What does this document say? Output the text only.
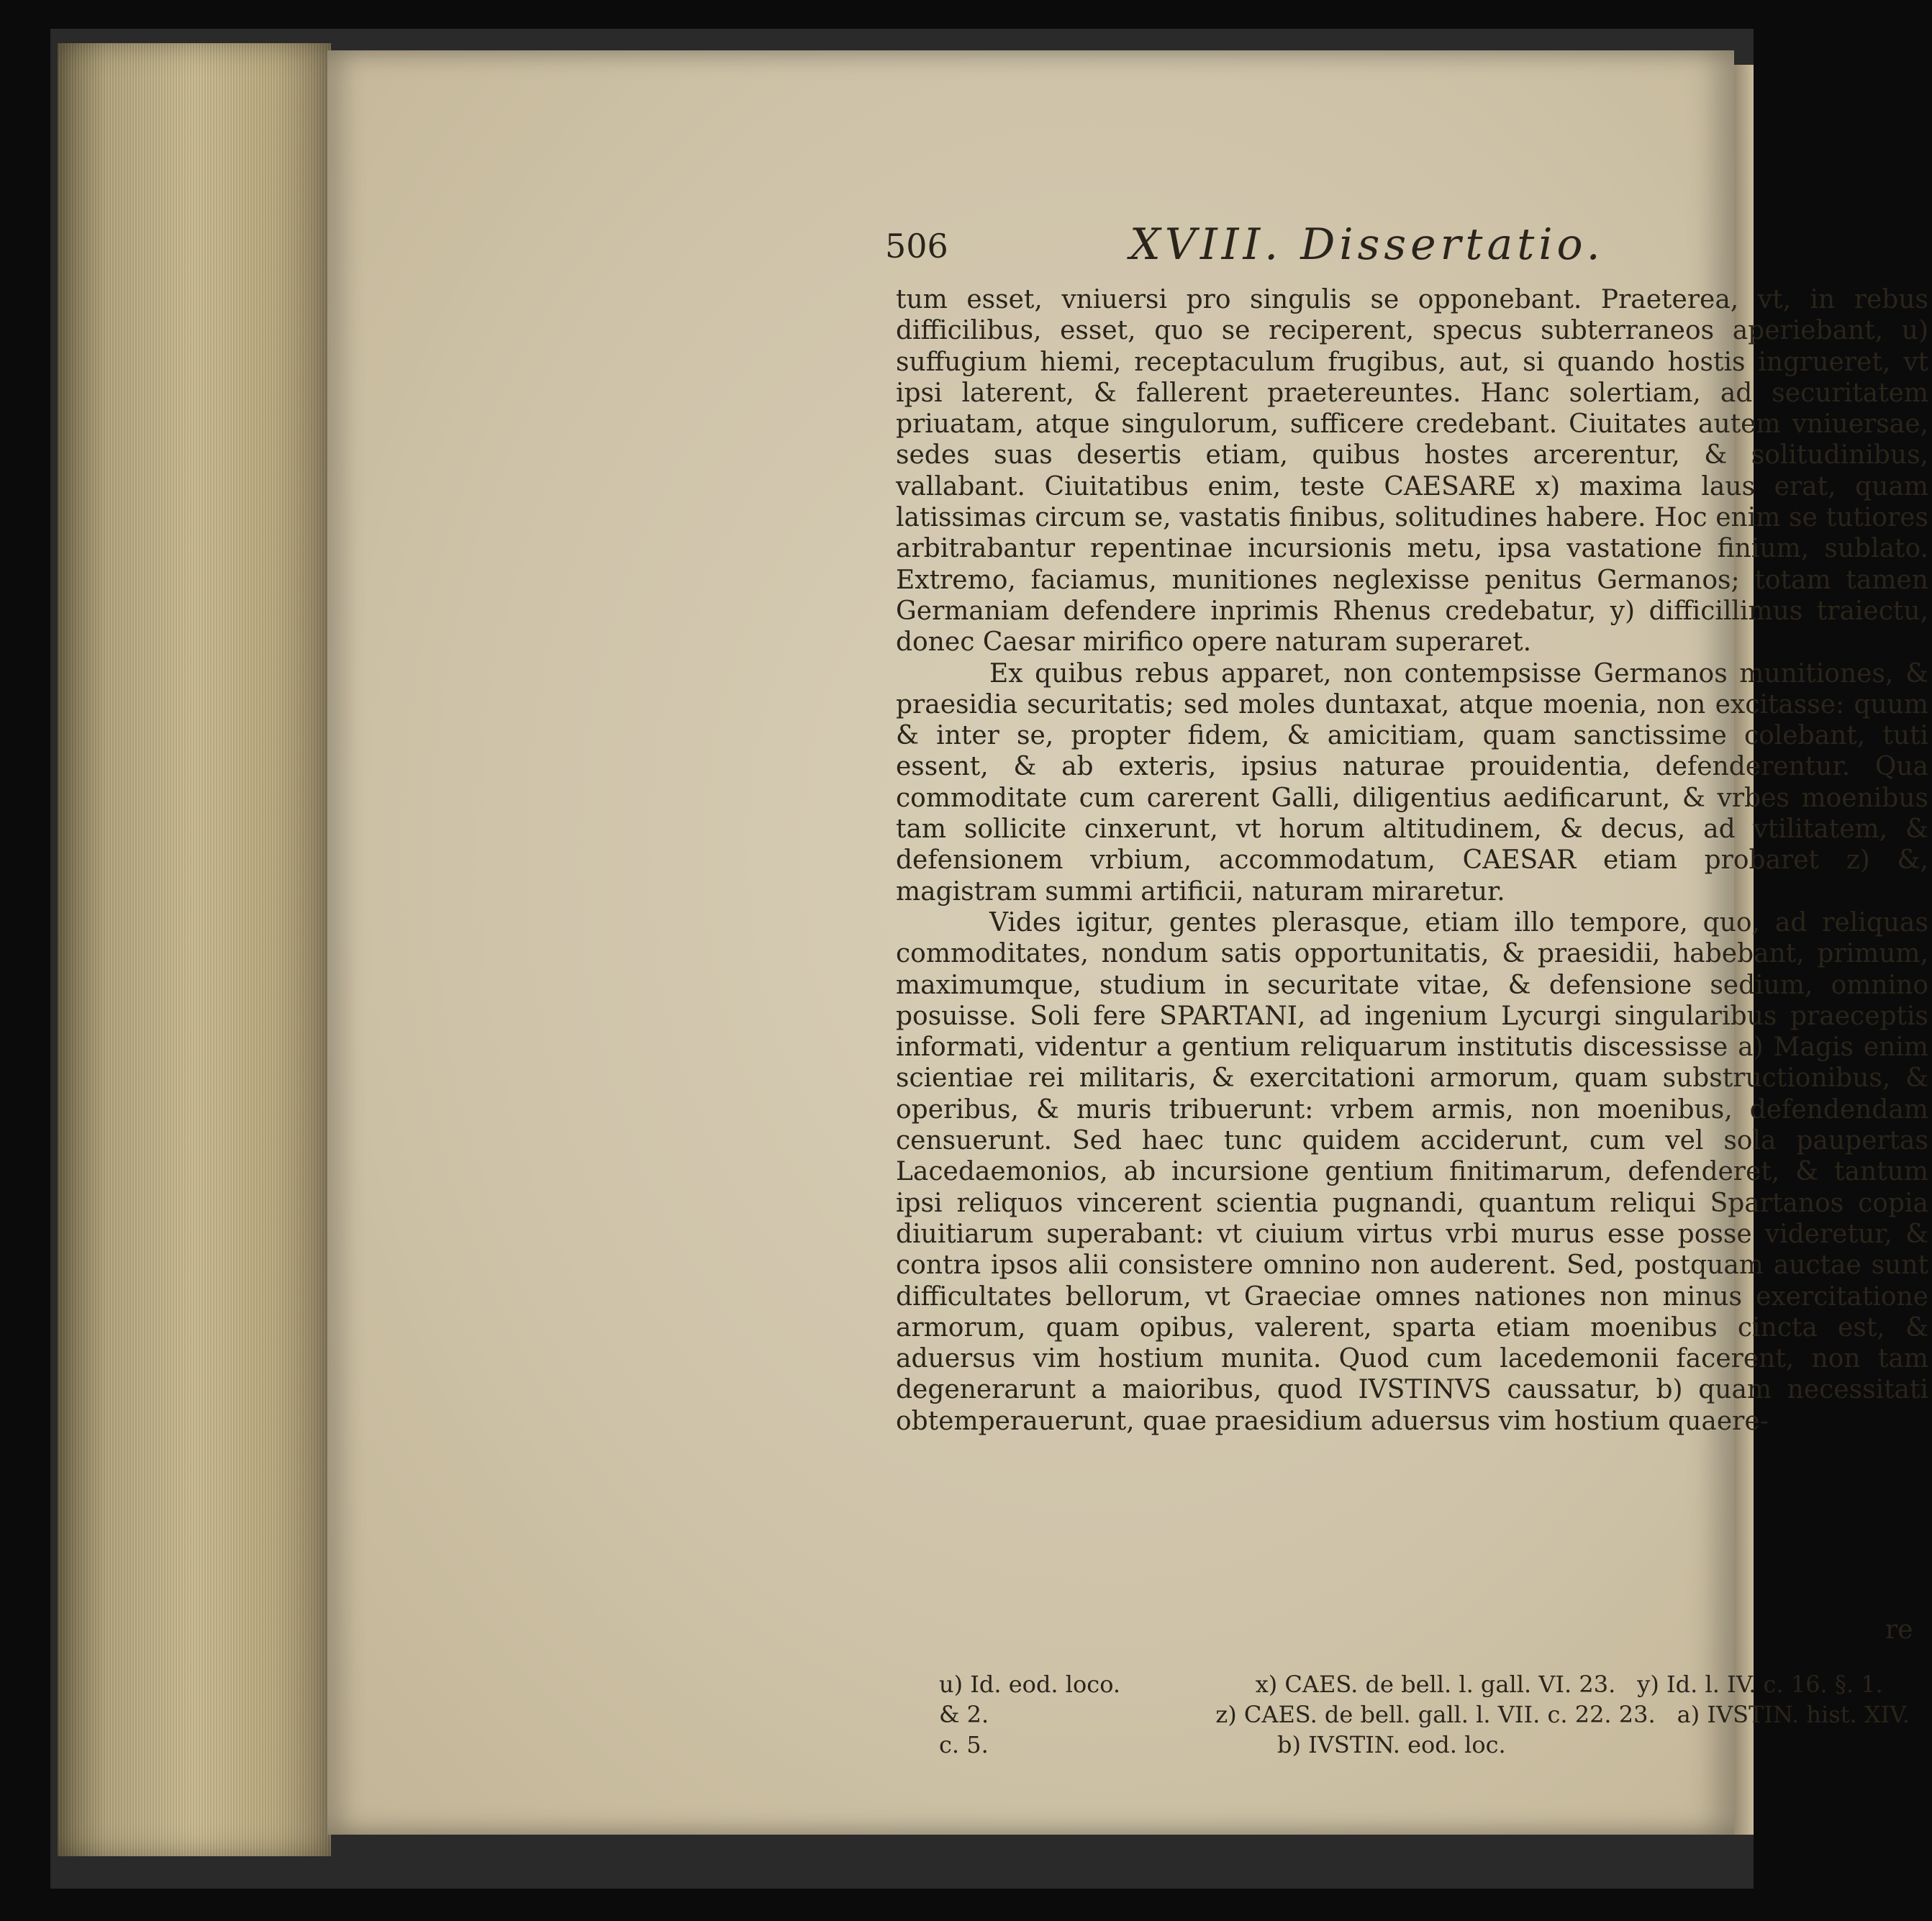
506	XVIII. Dissertatio.

tum esset, vniuersi pro singulis se opponebant. Praeterea, vt, in rebus difficilibus, esset, quo se reciperent, specus subterraneos aperiebant, u) suffugium hiemi, receptaculum frugibus, aut, si quando hostis ingrueret, vt ipsi laterent, & fallerent praetereuntes. Hanc solertiam, ad securitatem priuatam, atque singulorum, sufficere credebant. Ciuitates autem vniuersae, sedes suas desertis etiam, quibus hostes arcerentur, & solitudinibus, vallabant. Ciuitatibus enim, teste CAESARE x) maxima laus erat, quam latissimas circum se, vastatis finibus, solitudines habere. Hoc enim se tutiores arbitrabantur repentinae incursionis metu, ipsa vastatione finium, sublato. Extremo, faciamus, munitiones neglexisse penitus Germanos; totam tamen Germaniam defendere inprimis Rhenus credebatur, y) difficillimus traiectu, donec Caesar mirifico opere naturam superaret.

Ex quibus rebus apparet, non contempsisse Germanos munitiones, & praesidia securitatis; sed moles duntaxat, atque moenia, non excitasse: quum & inter se, propter fidem, & amicitiam, quam sanctissime colebant, tuti essent, & ab exteris, ipsius naturae prouidentia, defenderentur. Qua commoditate cum carerent Galli, diligentius aedificarunt, & vrbes moenibus tam sollicite cinxerunt, vt horum altitudinem, & decus, ad vtilitatem, & defensionem vrbium, accommodatum, CAESAR etiam probaret z) &, magistram summi artificii, naturam miraretur.

Vides igitur, gentes plerasque, etiam illo tempore, quo, ad reliquas commoditates, nondum satis opportunitatis, & praesidii, habebant, primum, maximumque, studium in securitate vitae, & defensione sedium, omnino posuisse. Soli fere SPARTANI, ad ingenium Lycurgi singularibus praeceptis informati, videntur a gentium reliquarum institutis discessisse a) Magis enim scientiae rei militaris, & exercitationi armorum, quam substructionibus, & operibus, & muris tribuerunt: vrbem armis, non moenibus, defendendam censuerunt. Sed haec tunc quidem acciderunt, cum vel sola paupertas Lacedaemonios, ab incursione gentium finitimarum, defenderet, & tantum ipsi reliquos vincerent scientia pugnandi, quantum reliqui Spartanos copia diuitiarum superabant: vt ciuium virtus vrbi murus esse posse videretur, & contra ipsos alii consistere omnino non auderent. Sed, postquam auctae sunt difficultates bellorum, vt Graeciae omnes nationes non minus exercitatione armorum, quam opibus, valerent, sparta etiam moenibus cincta est, & aduersus vim hostium munita. Quod cum lacedemonii facerent, non tam degenerarunt a maioribus, quod IVSTINVS caussatur, b) quam necessitati obtemperauerunt, quae praesidium aduersus vim hostium quaere-

re
u) Id. eod. loco.	x) CAES. de bell. l. gall. VI. 23. y) Id. l. IV. c. 16. §. 1.
& 2.	z) CAES. de bell. gall. l. VII. c. 22. 23. a) IVSTIN. hist. XIV.
c. 5.	b) IVSTIN. eod. loc.
